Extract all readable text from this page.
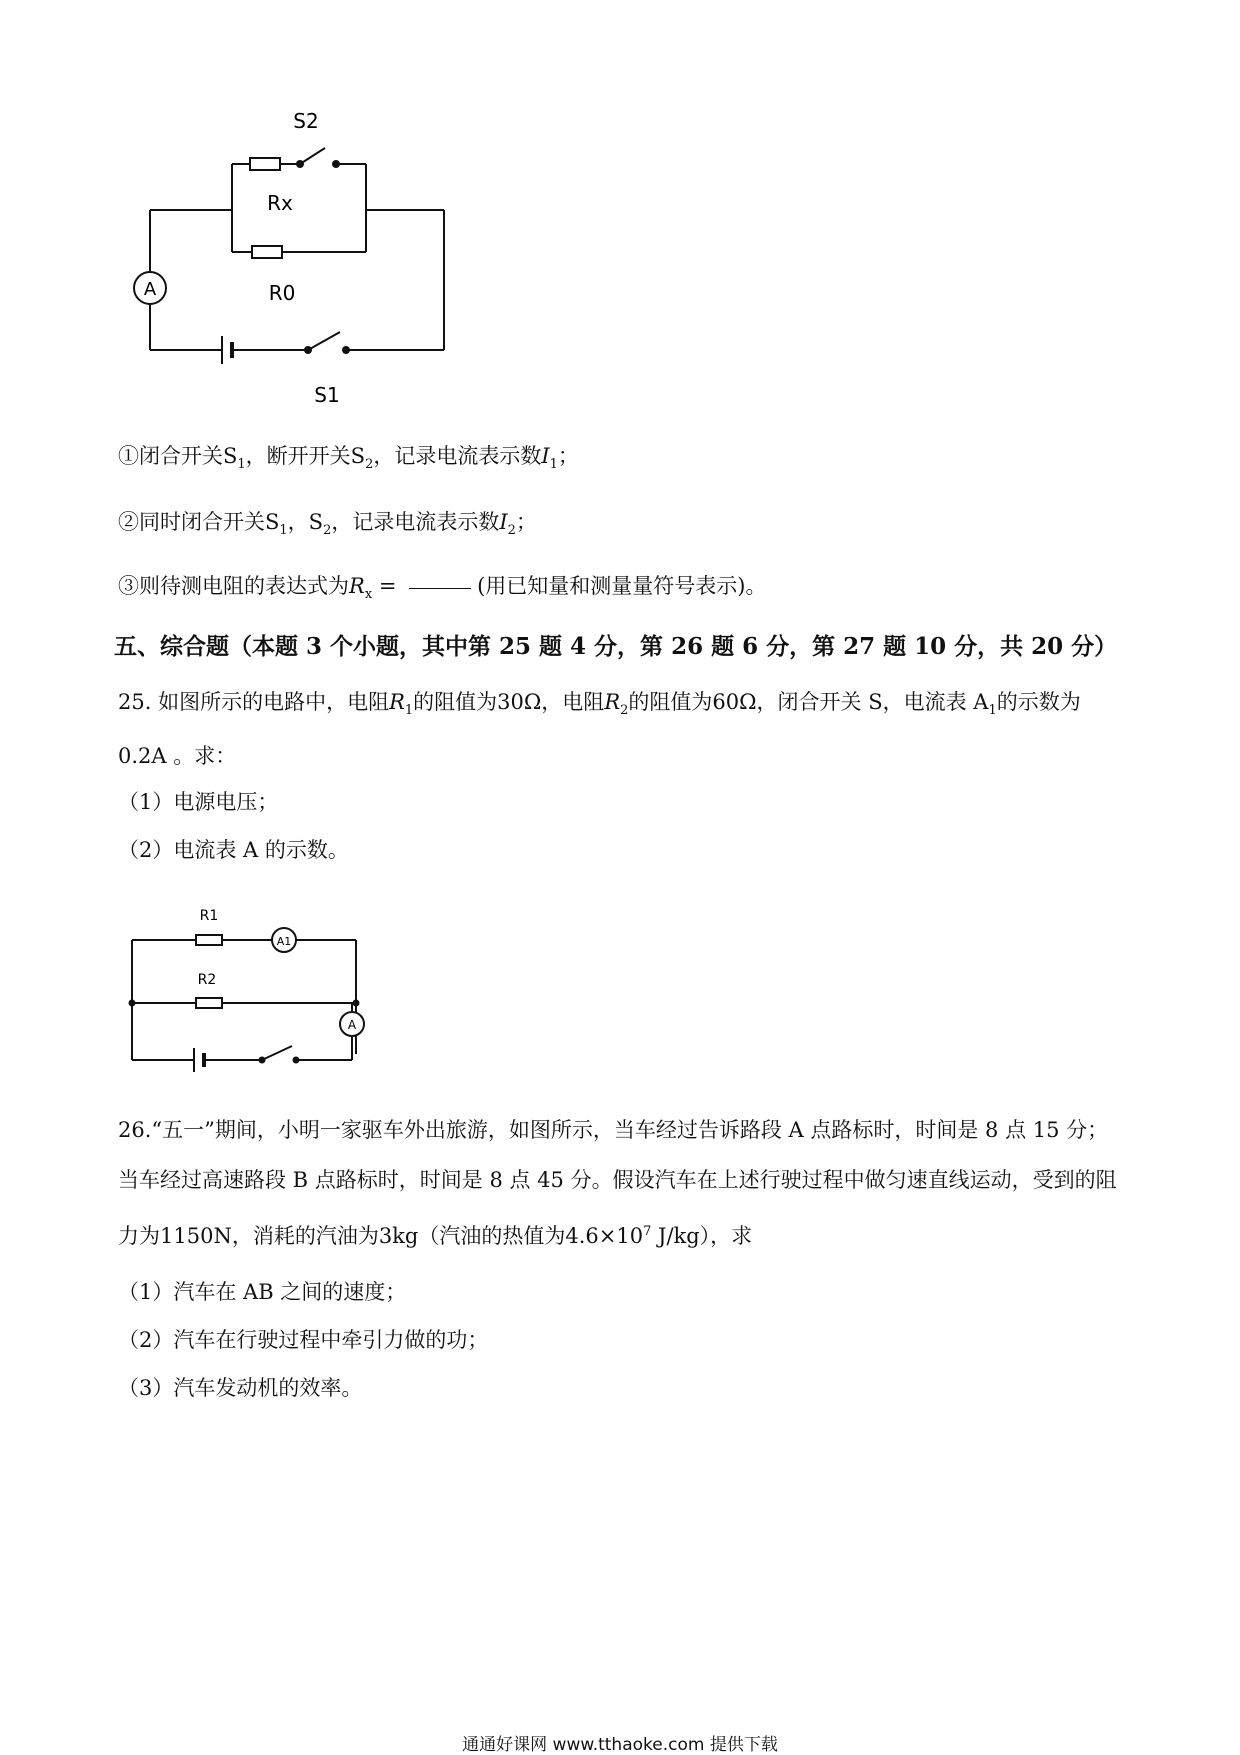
S2
Rx
A	R0
S1
①闭合开关$S_1$，断开开关$S_2$，记录电流表示数$I_1$；
②同时闭合开关$S_1$，$S_2$，记录电流表示数$I_2$；
③则待测电阻的表达式为$R_x$ =	(用已知量和测量量符号表示)。
五、综合题（本题 3 个小题，其中第 25 题 4 分，第 26 题 6 分，第 27 题 10 分，共 20 分）
25. 如图所示的电路中，电阻$R_1$的阻值为30Ω，电阻$R_2$的阻值为60Ω，闭合开关 S，电流表 $A_1$的示数为
0.2A 。求：
（1）电源电压；
（2）电流表 A 的示数。
R1
A1
R2
A
26.“五一”期间，小明一家驱车外出旅游，如图所示，当车经过告诉路段 A 点路标时，时间是 8 点 15 分；
当车经过高速路段 B 点路标时，时间是 8 点 45 分。假设汽车在上述行驶过程中做匀速直线运动，受到的阻
力为1150N，消耗的汽油为3kg（汽油的热值为$4.6\times 10^7$ J/kg），求
（1）汽车在 AB 之间的速度；
（2）汽车在行驶过程中牵引力做的功；
（3）汽车发动机的效率。
通通好课网 www.tthaoke.com 提供下载
